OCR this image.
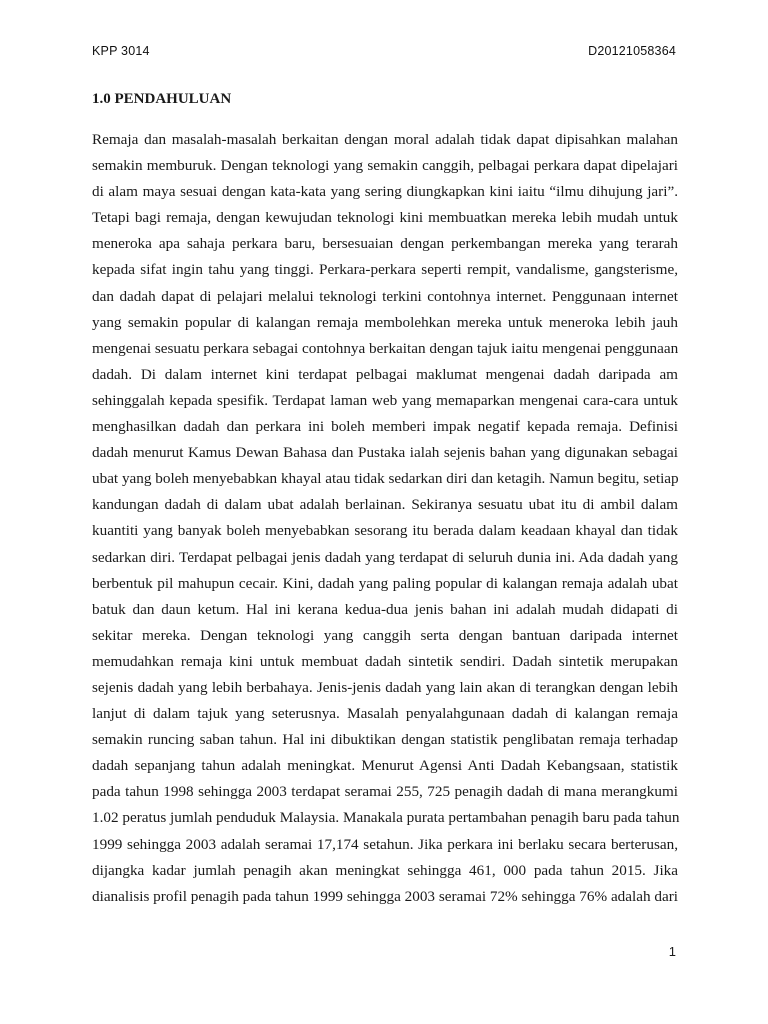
KPP 3014	D20121058364
1.0 PENDAHULUAN

Remaja dan masalah-masalah berkaitan dengan moral adalah tidak dapat dipisahkan malahan
semakin memburuk. Dengan teknologi yang semakin canggih, pelbagai perkara dapat dipelajari
di alam maya sesuai dengan kata-kata yang sering diungkapkan kini iaitu “ilmu dihujung jari”.
Tetapi bagi remaja, dengan kewujudan teknologi kini membuatkan mereka lebih mudah untuk
meneroka apa sahaja perkara baru, bersesuaian dengan perkembangan mereka yang terarah
kepada sifat ingin tahu yang tinggi. Perkara-perkara seperti rempit, vandalisme, gangsterisme,
dan dadah dapat di pelajari melalui teknologi terkini contohnya internet. Penggunaan internet
yang semakin popular di kalangan remaja membolehkan mereka untuk meneroka lebih jauh
mengenai sesuatu perkara sebagai contohnya berkaitan dengan tajuk iaitu mengenai penggunaan
dadah. Di dalam internet kini terdapat pelbagai maklumat mengenai dadah daripada am
sehinggalah kepada spesifik. Terdapat laman web yang memaparkan mengenai cara-cara untuk
menghasilkan dadah dan perkara ini boleh memberi impak negatif kepada remaja. Definisi
dadah menurut Kamus Dewan Bahasa dan Pustaka ialah sejenis bahan yang digunakan sebagai
ubat yang boleh menyebabkan khayal atau tidak sedarkan diri dan ketagih. Namun begitu, setiap
kandungan dadah di dalam ubat adalah berlainan. Sekiranya sesuatu ubat itu di ambil dalam
kuantiti yang banyak boleh menyebabkan sesorang itu berada dalam keadaan khayal dan tidak
sedarkan diri. Terdapat pelbagai jenis dadah yang terdapat di seluruh dunia ini. Ada dadah yang
berbentuk pil mahupun cecair. Kini, dadah yang paling popular di kalangan remaja adalah ubat
batuk dan daun ketum. Hal ini kerana kedua-dua jenis bahan ini adalah mudah didapati di
sekitar mereka. Dengan teknologi yang canggih serta dengan bantuan daripada internet
memudahkan remaja kini untuk membuat dadah sintetik sendiri. Dadah sintetik merupakan
sejenis dadah yang lebih berbahaya. Jenis-jenis dadah yang lain akan di terangkan dengan lebih
lanjut di dalam tajuk yang seterusnya. Masalah penyalahgunaan dadah di kalangan remaja
semakin runcing saban tahun. Hal ini dibuktikan dengan statistik penglibatan remaja terhadap
dadah sepanjang tahun adalah meningkat. Menurut Agensi Anti Dadah Kebangsaan, statistik
pada tahun 1998 sehingga 2003 terdapat seramai 255, 725 penagih dadah di mana merangkumi
1.02 peratus jumlah penduduk Malaysia. Manakala purata pertambahan penagih baru pada tahun
1999 sehingga 2003 adalah seramai 17,174 setahun. Jika perkara ini berlaku secara berterusan,
dijangka kadar jumlah penagih akan meningkat sehingga 461, 000 pada tahun 2015. Jika
dianalisis profil penagih pada tahun 1999 sehingga 2003 seramai 72% sehingga 76% adalah dari

1
